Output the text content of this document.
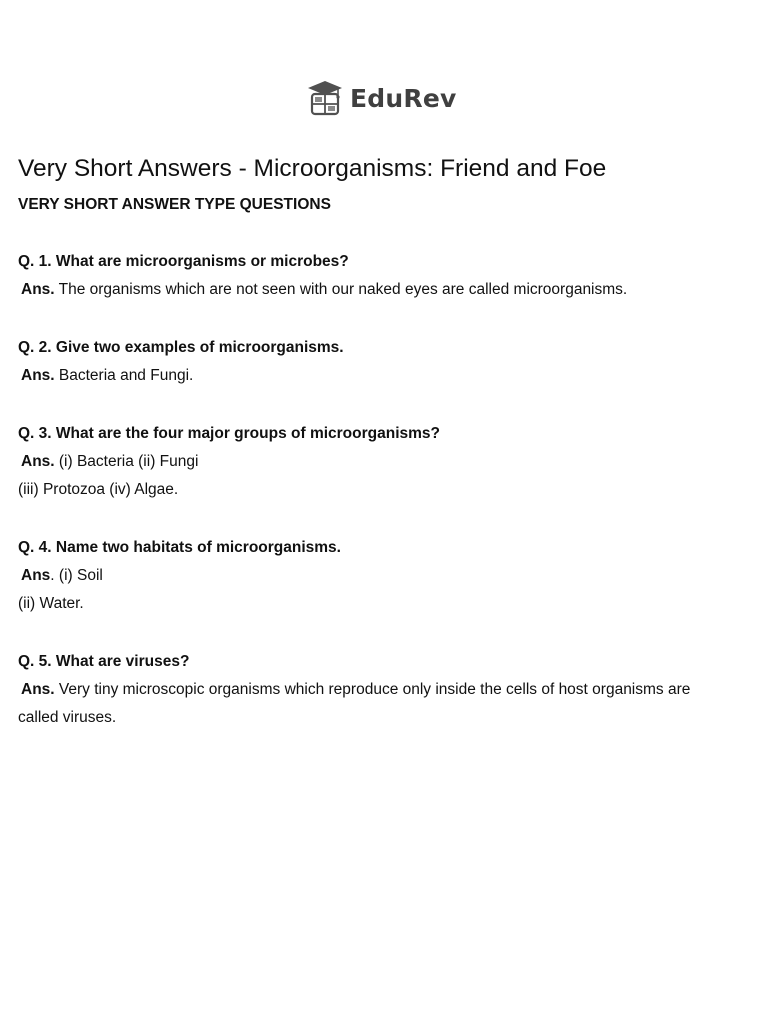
EduRev
Very Short Answers - Microorganisms: Friend and Foe
VERY SHORT ANSWER TYPE QUESTIONS
Q. 1. What are microorganisms or microbes?
Ans. The organisms which are not seen with our naked eyes are called microorganisms.
Q. 2. Give two examples of microorganisms.
Ans. Bacteria and Fungi.
Q. 3. What are the four major groups of microorganisms?
Ans. (i) Bacteria (ii) Fungi
(iii) Protozoa (iv) Algae.
Q. 4. Name two habitats of microorganisms.
Ans. (i) Soil
(ii) Water.
Q. 5. What are viruses?
Ans. Very tiny microscopic organisms which reproduce only inside the cells of host organisms are
called viruses.
